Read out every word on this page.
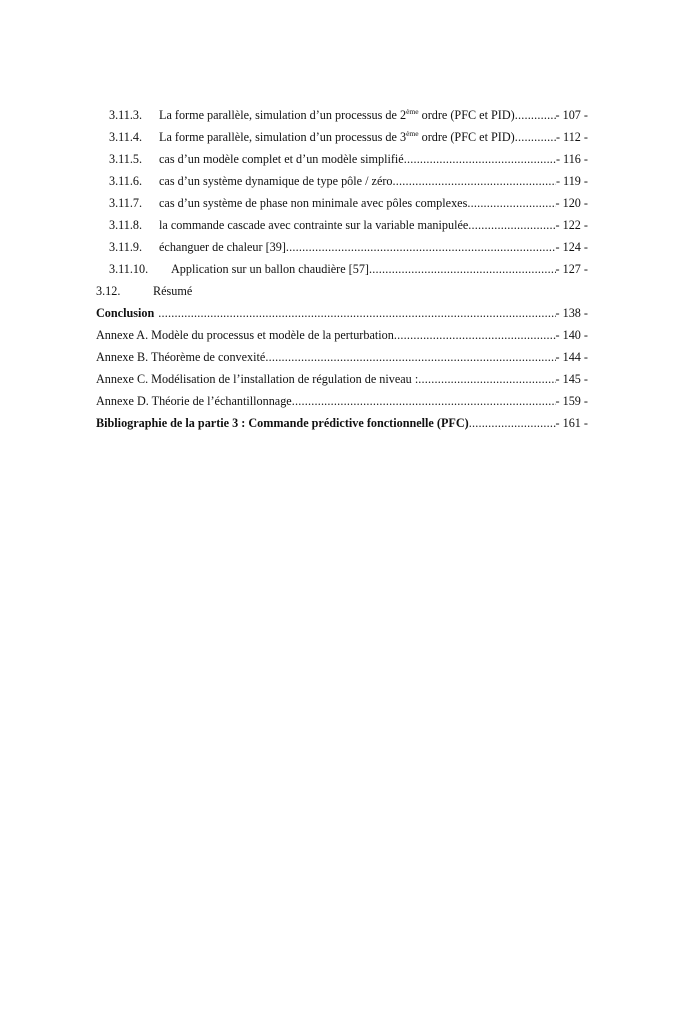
3.11.3.	La forme parallèle, simulation d’un processus de 2ème ordre (PFC et PID) .....	- 107 -
3.11.4.	La forme parallèle, simulation d’un processus de 3ème ordre (PFC et PID) .....	- 112 -
3.11.5.	cas d’un modèle complet et d’un modèle simplifié .....	- 116 -
3.11.6.	cas d’un système dynamique de type pôle / zéro .....	- 119 -
3.11.7.	cas d’un système de phase non minimale avec pôles complexes .....	- 120 -
3.11.8.	la commande cascade avec contrainte sur la variable manipulée .....	- 122 -
3.11.9.	échanguer de chaleur [39] .....	- 124 -
3.11.10.	Application sur un ballon chaudière [57] .....	- 127 -
3.12.	Résumé
Conclusion .....	- 138 -
Annexe A. Modèle du processus et modèle de la perturbation .....	- 140 -
Annexe B. Théorème de convexité .....	- 144 -
Annexe C. Modélisation de l’installation de régulation de niveau : .....	- 145 -
Annexe D. Théorie de l’échantillonnage .....	- 159 -
Bibliographie de la partie 3 : Commande prédictive fonctionnelle (PFC) .....	- 161 -
